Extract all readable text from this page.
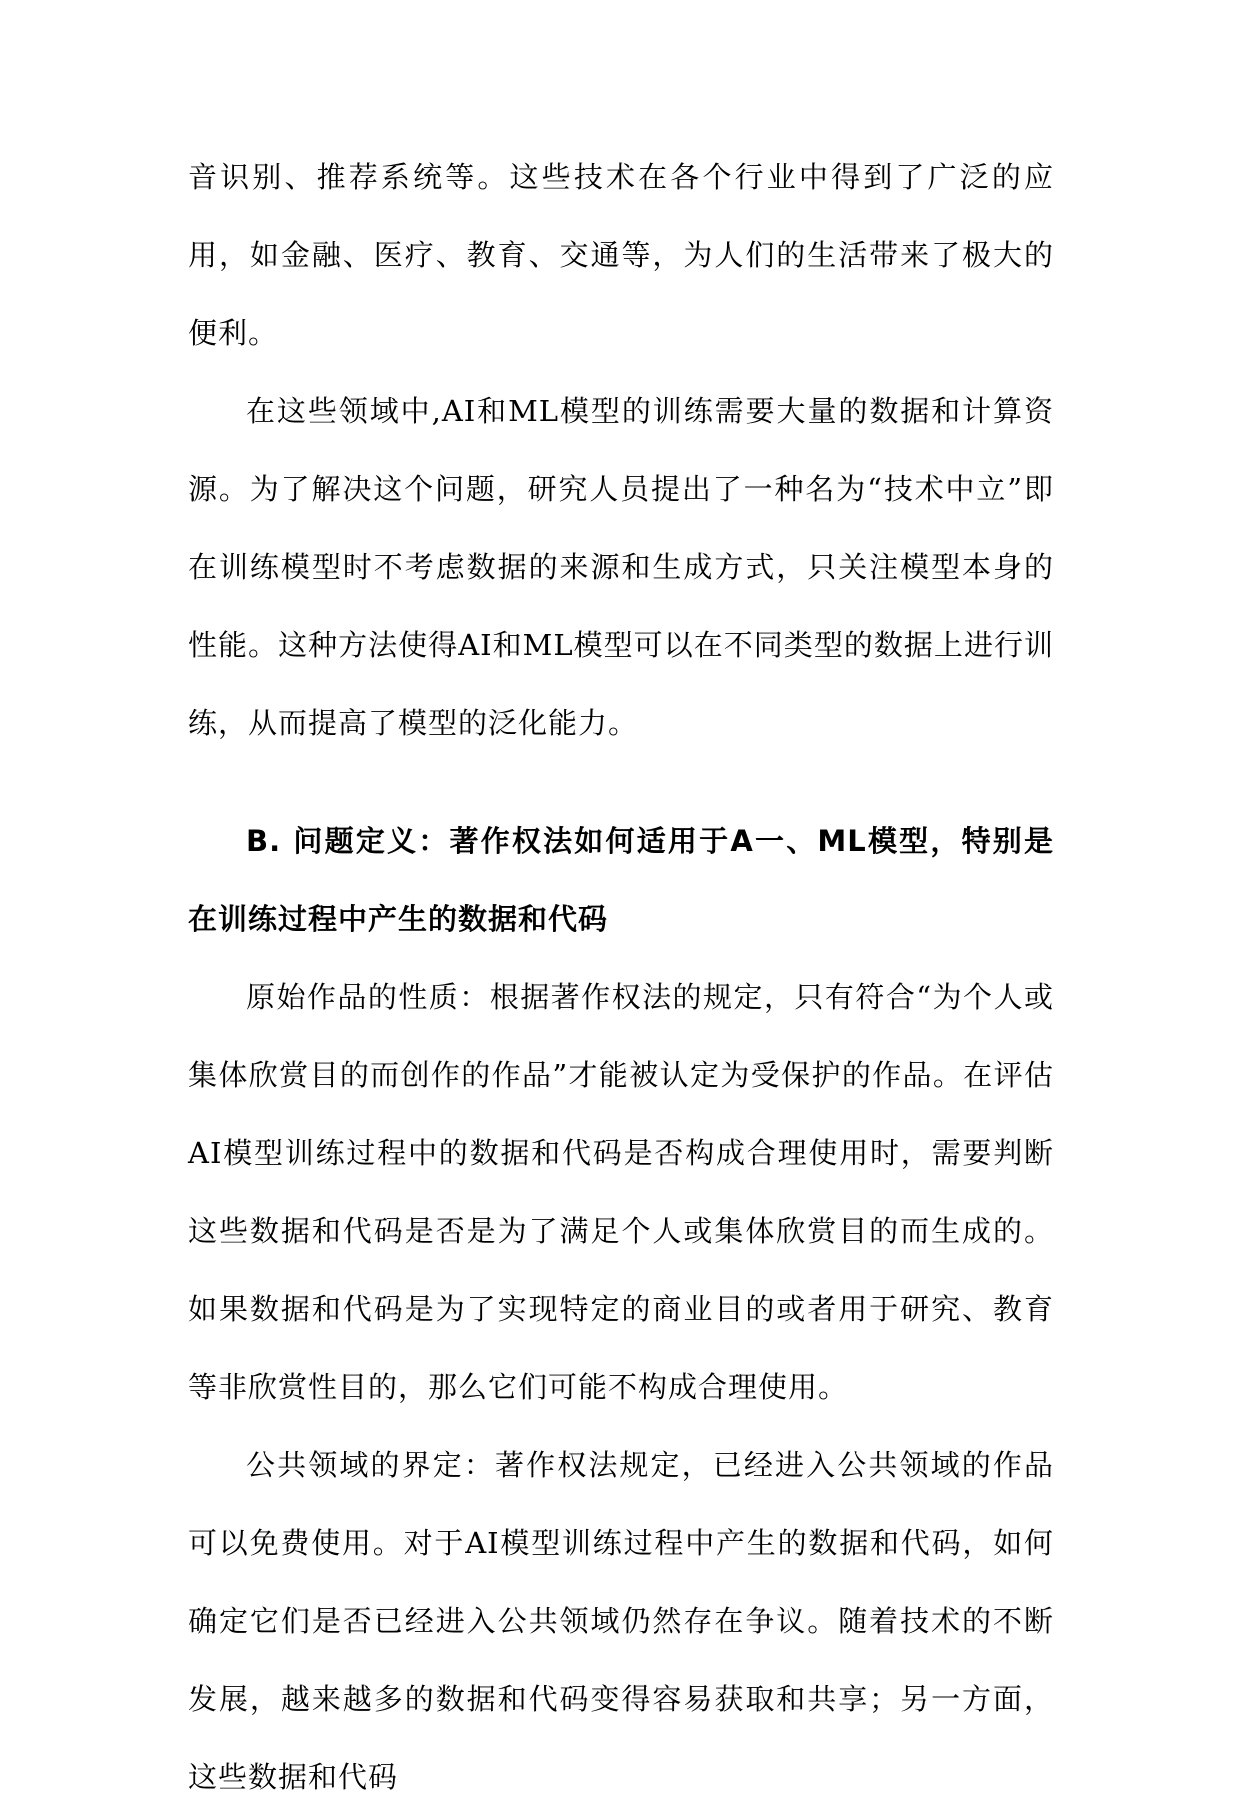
音识别、推荐系统等。这些技术在各个行业中得到了广泛的应用，如金融、医疗、教育、交通等，为人们的生活带来了极大的便利。

在这些领域中,AI和ML模型的训练需要大量的数据和计算资源。为了解决这个问题，研究人员提出了一种名为“技术中立”即在训练模型时不考虑数据的来源和生成方式，只关注模型本身的性能。这种方法使得AI和ML模型可以在不同类型的数据上进行训练，从而提高了模型的泛化能力。

B. 问题定义：著作权法如何适用于A一、ML模型，特别是在训练过程中产生的数据和代码

原始作品的性质：根据著作权法的规定，只有符合“为个人或集体欣赏目的而创作的作品”才能被认定为受保护的作品。在评估AI模型训练过程中的数据和代码是否构成合理使用时，需要判断这些数据和代码是否是为了满足个人或集体欣赏目的而生成的。如果数据和代码是为了实现特定的商业目的或者用于研究、教育等非欣赏性目的，那么它们可能不构成合理使用。

公共领域的界定：著作权法规定，已经进入公共领域的作品可以免费使用。对于AI模型训练过程中产生的数据和代码，如何确定它们是否已经进入公共领域仍然存在争议。随着技术的不断发展，越来越多的数据和代码变得容易获取和共享；另一方面，这些数据和代码
